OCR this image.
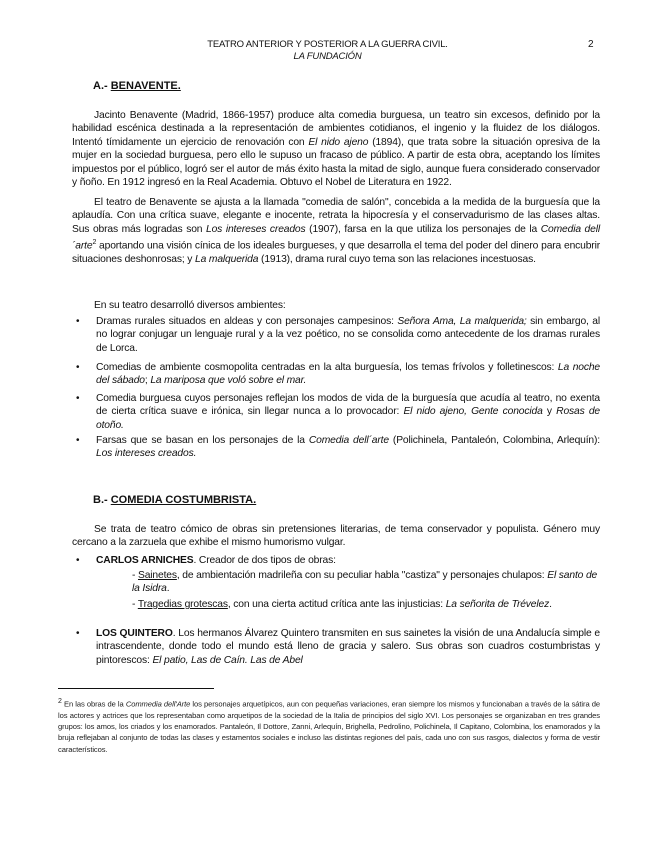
TEATRO ANTERIOR Y POSTERIOR A LA GUERRA CIVIL.
LA FUNDACIÓN
2
A.- BENAVENTE.

Jacinto Benavente (Madrid, 1866-1957) produce alta comedia burguesa, un teatro sin excesos, definido por la habilidad escénica destinada a la representación de ambientes cotidianos, el ingenio y la fluidez de los diálogos. Intentó tímidamente un ejercicio de renovación con El nido ajeno (1894), que trata sobre la situación opresiva de la mujer en la sociedad burguesa, pero ello le supuso un fracaso de público. A partir de esta obra, aceptando los límites impuestos por el público, logró ser el autor de más éxito hasta la mitad de siglo, aunque fuera considerado conservador y ñoño. En 1912 ingresó en la Real Academia. Obtuvo el Nobel de Literatura en 1922.

El teatro de Benavente se ajusta a la llamada "comedia de salón", concebida a la medida de la burguesía que la aplaudía. Con una crítica suave, elegante e inocente, retrata la hipocresía y el conservadurismo de las clases altas. Sus obras más logradas son Los intereses creados (1907), farsa en la que utiliza los personajes de la Comedia dell´arte$^2$ aportando una visión cínica de los ideales burgueses, y que desarrolla el tema del poder del dinero para encubrir situaciones deshonrosas; y La malquerida (1913), drama rural cuyo tema son las relaciones incestuosas.

En su teatro desarrolló diversos ambientes:
• Dramas rurales situados en aldeas y con personajes campesinos: Señora Ama, La malquerida; sin embargo, al no lograr conjugar un lenguaje rural y a la vez poético, no se consolida como antecedente de los dramas rurales de Lorca.

• Comedias de ambiente cosmopolita centradas en la alta burguesía, los temas frívolos y folletinescos: La noche del sábado; La mariposa que voló sobre el mar.

• Comedia burguesa cuyos personajes reflejan los modos de vida de la burguesía que acudía al teatro, no exenta de cierta crítica suave e irónica, sin llegar nunca a lo provocador: El nido ajeno, Gente conocida y Rosas de otoño.

• Farsas que se basan en los personajes de la Comedia dell´arte (Polichinela, Pantaleón, Colombina, Arlequín): Los intereses creados.

B.- COMEDIA COSTUMBRISTA.

Se trata de teatro cómico de obras sin pretensiones literarias, de tema conservador y populista. Género muy cercano a la zarzuela que exhibe el mismo humorismo vulgar.

• CARLOS ARNICHES. Creador de dos tipos de obras:

- Sainetes, de ambientación madrileña con su peculiar habla "castiza" y personajes chulapos: El santo de la Isidra.

- Tragedias grotescas, con una cierta actitud crítica ante las injusticias: La señorita de Trévelez.

• LOS QUINTERO. Los hermanos Álvarez Quintero transmiten en sus sainetes la visión de una Andalucía simple e intrascendente, donde todo el mundo está lleno de gracia y salero. Sus obras son cuadros costumbristas y pintorescos: El patio, Las de Caín. Las de Abel

$^2$ En las obras de la Commedia dell'Arte los personajes arquetípicos, aun con pequeñas variaciones, eran siempre los mismos y funcionaban a través de la sátira de los actores y actrices que los representaban como arquetipos de la sociedad de la Italia de principios del siglo XVI. Los personajes se organizaban en tres grandes grupos: los amos, los criados y los enamorados. Pantaleón, Il Dottore, Zanni, Arlequín, Brighella, Pedrolino, Polichinela, Il Capitano, Colombina, los enamorados y la bruja reflejaban al conjunto de todas las clases y estamentos sociales e incluso las distintas regiones del país, cada uno con sus rasgos, dialectos y forma de vestir característicos.
